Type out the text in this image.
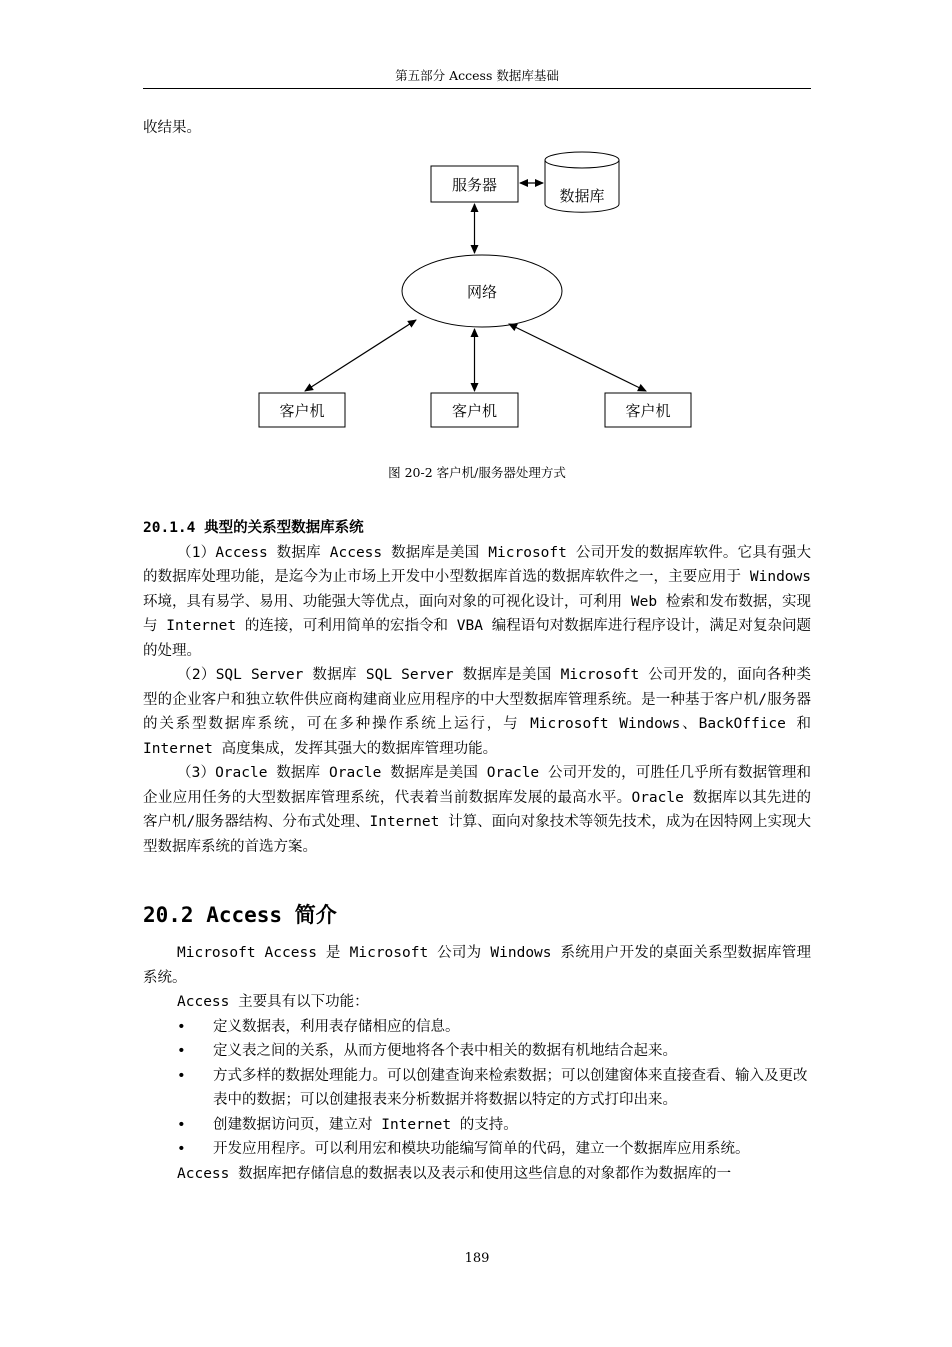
第五部分 Access 数据库基础

收结果。

服务器
数据库
网络
客户机	客户机	客户机
图 20-2 客户机/服务器处理方式

20.1.4 典型的关系型数据库系统

（1）Access 数据库 Access 数据库是美国 Microsoft 公司开发的数据库软件。它具有强大的数据库处理功能，是迄今为止市场上开发中小型数据库首选的数据库软件之一，主要应用于 Windows 环境，具有易学、易用、功能强大等优点，面向对象的可视化设计，可利用 Web 检索和发布数据，实现与 Internet 的连接，可利用简单的宏指令和 VBA 编程语句对数据库进行程序设计，满足对复杂问题的处理。

（2）SQL Server 数据库 SQL Server 数据库是美国 Microsoft 公司开发的，面向各种类型的企业客户和独立软件供应商构建商业应用程序的中大型数据库管理系统。是一种基于客户机/服务器的关系型数据库系统，可在多种操作系统上运行，与 Microsoft Windows、BackOffice 和 Internet 高度集成，发挥其强大的数据库管理功能。

（3）Oracle 数据库 Oracle 数据库是美国 Oracle 公司开发的，可胜任几乎所有数据管理和企业应用任务的大型数据库管理系统，代表着当前数据库发展的最高水平。Oracle 数据库以其先进的客户机/服务器结构、分布式处理、Internet 计算、面向对象技术等领先技术，成为在因特网上实现大型数据库系统的首选方案。

20.2 Access 简介

Microsoft Access 是 Microsoft 公司为 Windows 系统用户开发的桌面关系型数据库管理系统。

Access 主要具有以下功能：

• 定义数据表，利用表存储相应的信息。
• 定义表之间的关系，从而方便地将各个表中相关的数据有机地结合起来。
• 方式多样的数据处理能力。可以创建查询来检索数据；可以创建窗体来直接查看、输入及更改表中的数据；可以创建报表来分析数据并将数据以特定的方式打印出来。
• 创建数据访问页，建立对 Internet 的支持。
• 开发应用程序。可以利用宏和模块功能编写简单的代码，建立一个数据库应用系统。

Access 数据库把存储信息的数据表以及表示和使用这些信息的对象都作为数据库的一

189
